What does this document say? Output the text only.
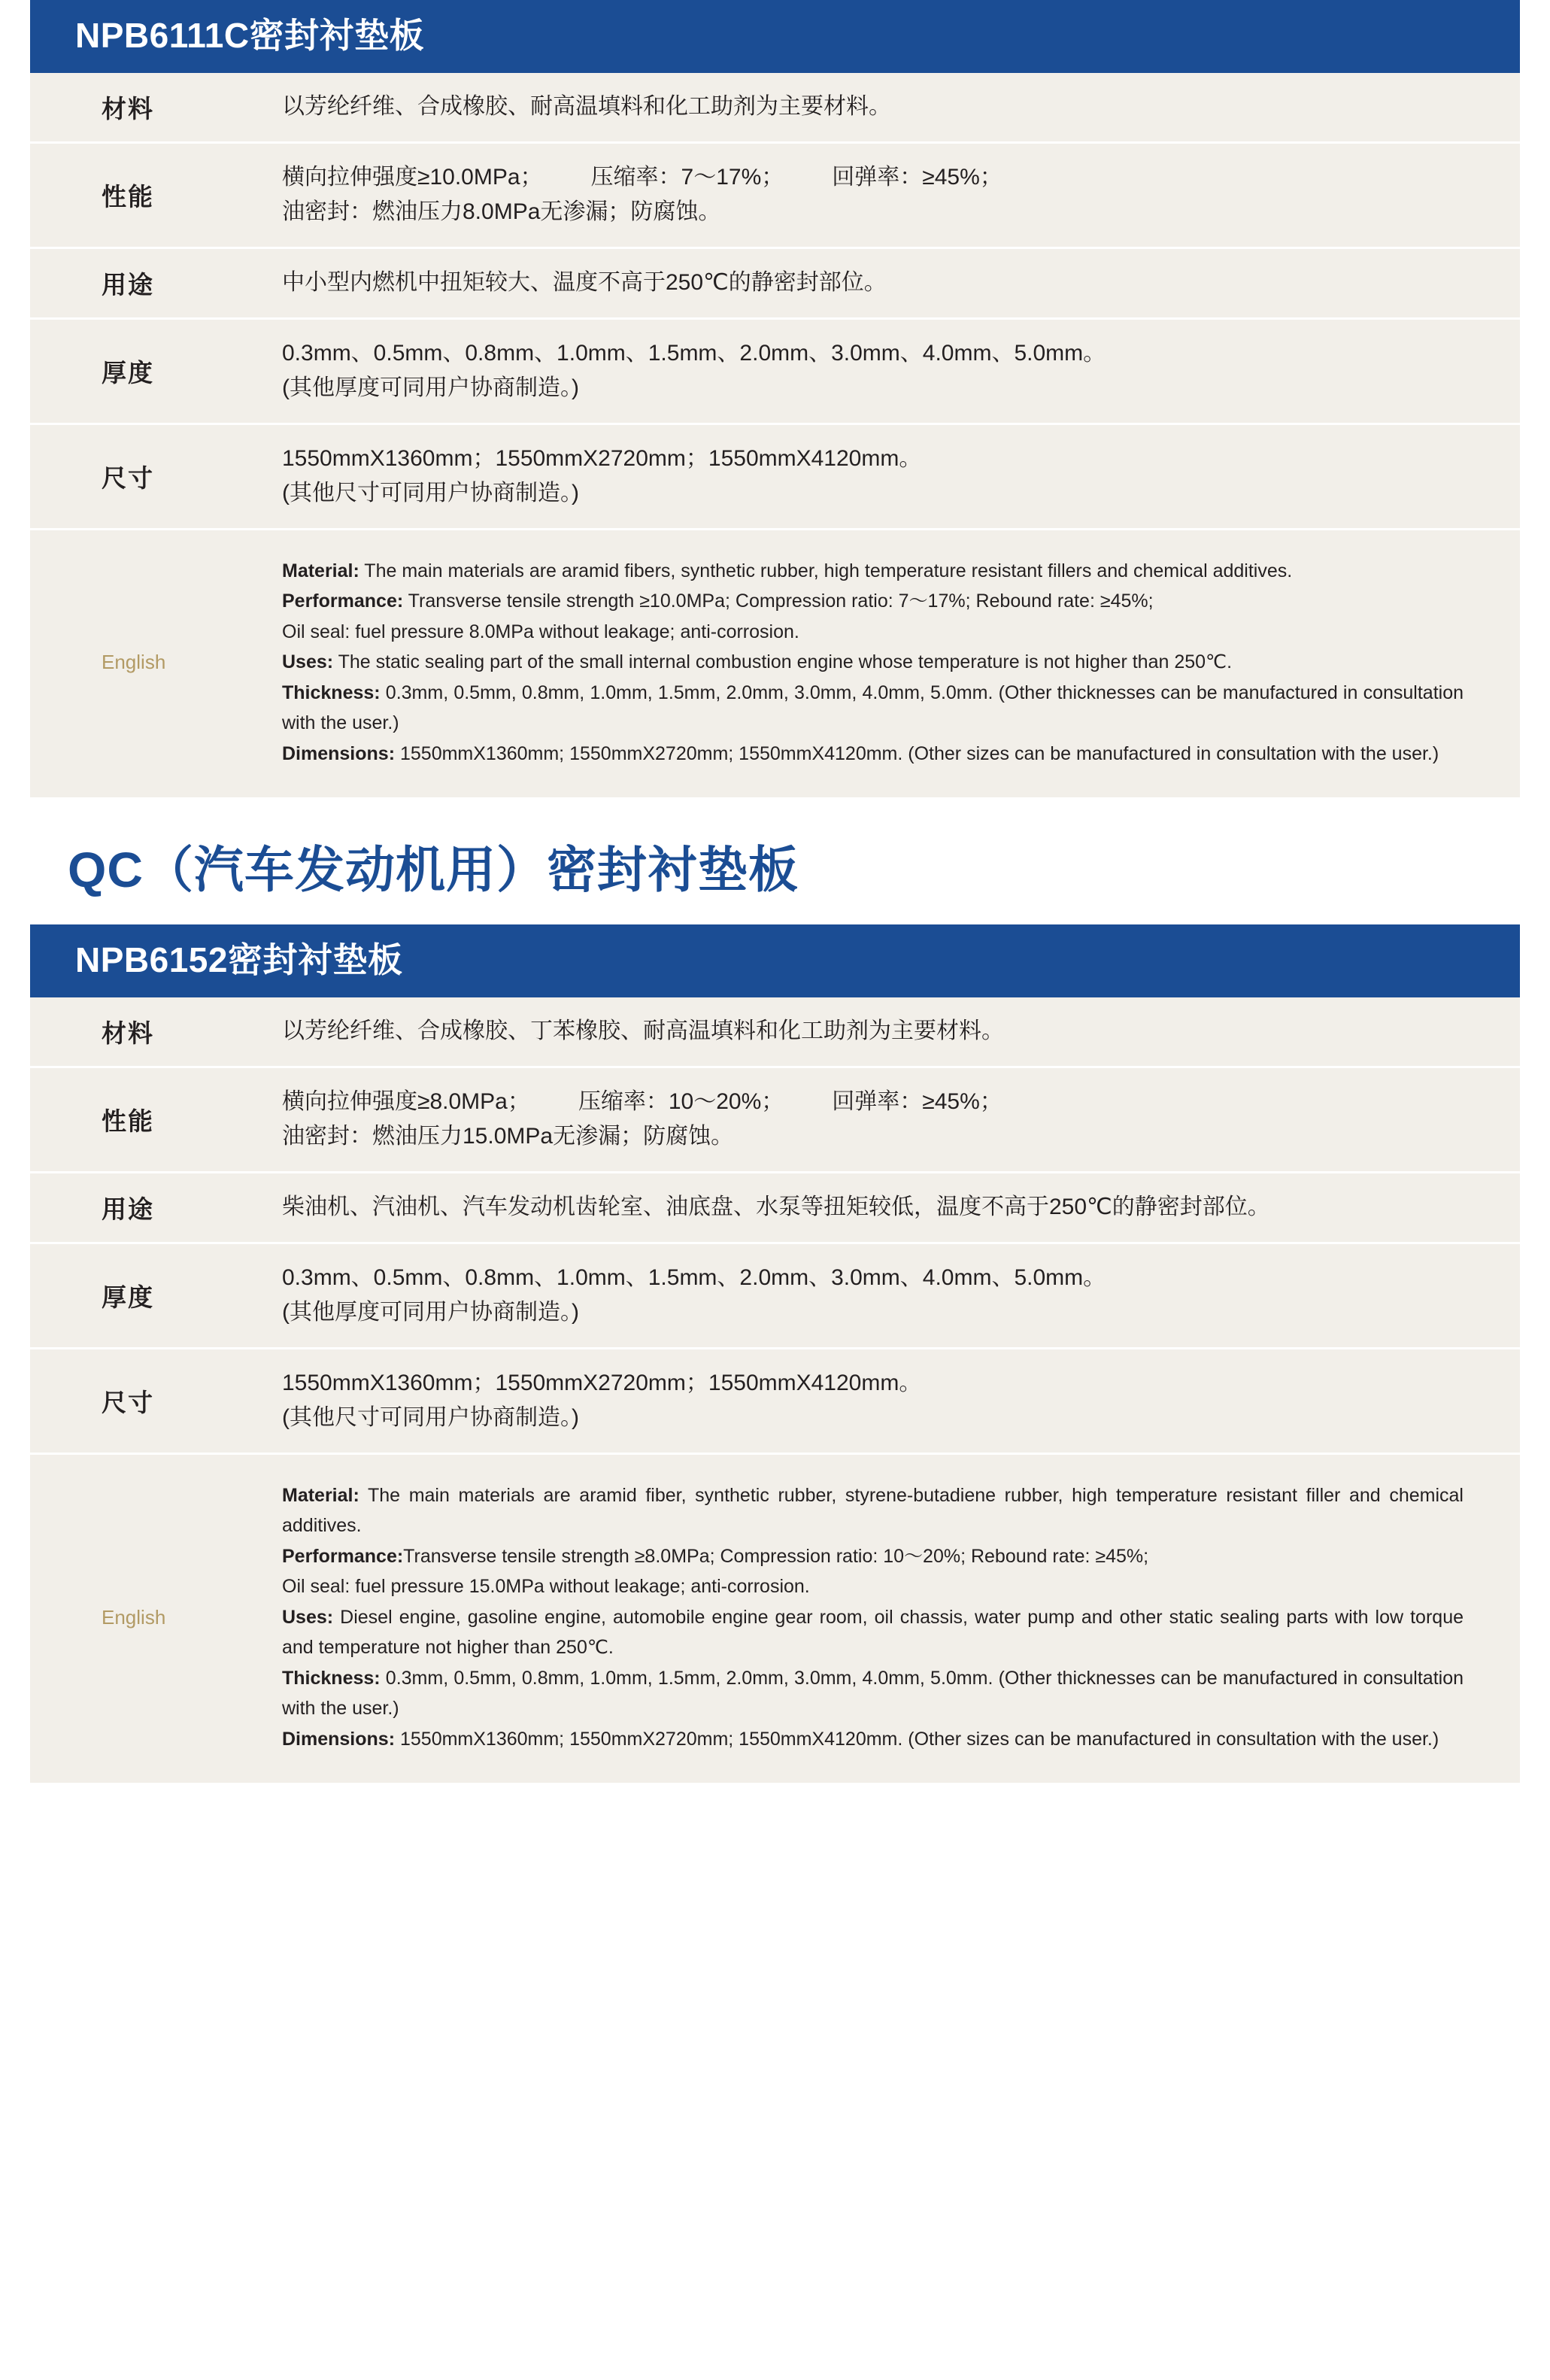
NPB6111C密封衬垫板
材料	以芳纶纤维、合成橡胶、耐高温填料和化工助剂为主要材料。
性能	横向拉伸强度≥10.0MPa； 压缩率：7～17%； 回弹率：≥45%；
油密封：燃油压力8.0MPa无渗漏；防腐蚀。

用途	中小型内燃机中扭矩较大、温度不高于250℃的静密封部位。
厚度	0.3mm、0.5mm、0.8mm、1.0mm、1.5mm、2.0mm、3.0mm、4.0mm、5.0mm。
(其他厚度可同用户协商制造。)

尺寸	1550mmX1360mm；1550mmX2720mm；1550mmX4120mm。
(其他尺寸可同用户协商制造。)

English	

Material: The main materials are aramid fibers, synthetic rubber, high temperature resistant fillers and chemical additives.

Performance: Transverse tensile strength ≥10.0MPa; Compression ratio: 7～17%; Rebound rate: ≥45%;

Oil seal: fuel pressure 8.0MPa without leakage; anti-corrosion.

Uses: The static sealing part of the small internal combustion engine whose temperature is not higher than 250℃.

Thickness: 0.3mm, 0.5mm, 0.8mm, 1.0mm, 1.5mm, 2.0mm, 3.0mm, 4.0mm, 5.0mm. (Other thicknesses can be manufactured in consultation with the user.)

Dimensions: 1550mmX1360mm; 1550mmX2720mm; 1550mmX4120mm. (Other sizes can be manufactured in consultation with the user.)

QC（汽车发动机用）密封衬垫板
NPB6152密封衬垫板
材料	以芳纶纤维、合成橡胶、丁苯橡胶、耐高温填料和化工助剂为主要材料。
性能	横向拉伸强度≥8.0MPa； 压缩率：10～20%； 回弹率：≥45%；
油密封：燃油压力15.0MPa无渗漏；防腐蚀。

用途	柴油机、汽油机、汽车发动机齿轮室、油底盘、水泵等扭矩较低，温度不高于250℃的静密封部位。
厚度	0.3mm、0.5mm、0.8mm、1.0mm、1.5mm、2.0mm、3.0mm、4.0mm、5.0mm。
(其他厚度可同用户协商制造。)

尺寸	1550mmX1360mm；1550mmX2720mm；1550mmX4120mm。
(其他尺寸可同用户协商制造。)

English	

Material: The main materials are aramid fiber, synthetic rubber, styrene-butadiene rubber, high temperature resistant filler and chemical additives.

Performance:Transverse tensile strength ≥8.0MPa; Compression ratio: 10～20%; Rebound rate: ≥45%;

Oil seal: fuel pressure 15.0MPa without leakage; anti-corrosion.

Uses: Diesel engine, gasoline engine, automobile engine gear room, oil chassis, water pump and other static sealing parts with low torque and temperature not higher than 250℃.

Thickness: 0.3mm, 0.5mm, 0.8mm, 1.0mm, 1.5mm, 2.0mm, 3.0mm, 4.0mm, 5.0mm. (Other thicknesses can be manufactured in consultation with the user.)

Dimensions: 1550mmX1360mm; 1550mmX2720mm; 1550mmX4120mm. (Other sizes can be manufactured in consultation with the user.)
